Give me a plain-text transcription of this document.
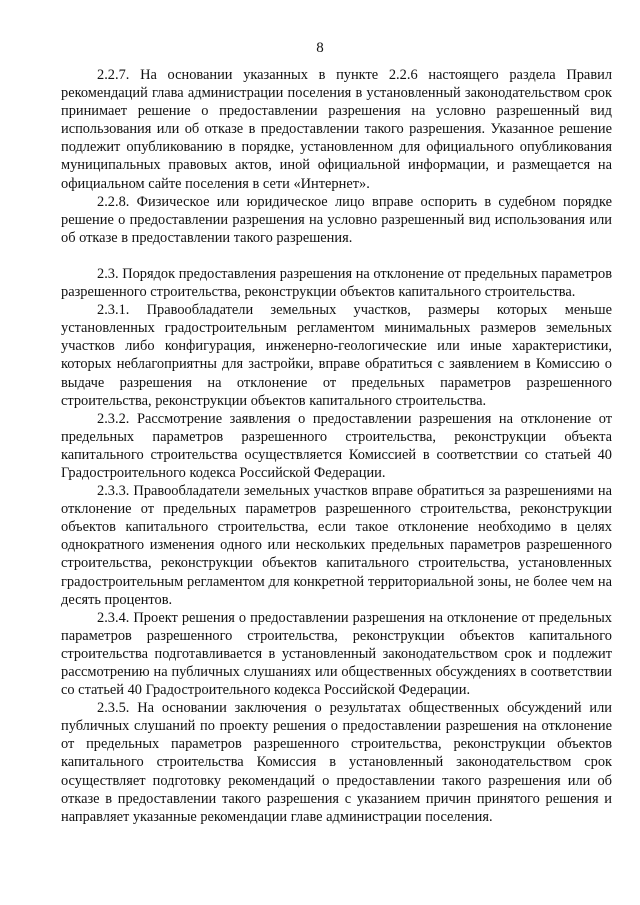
8

2.2.7. На основании указанных в пункте 2.2.6 настоящего раздела Правил рекомендаций глава администрации поселения в установленный законодательством срок принимает решение о предоставлении разрешения на условно разрешенный вид использования или об отказе в предоставлении такого разрешения. Указанное решение подлежит опубликованию в порядке, установленном для официального опубликования муниципальных правовых актов, иной официальной информации, и размещается на официальном сайте поселения в сети «Интернет».

2.2.8. Физическое или юридическое лицо вправе оспорить в судебном порядке решение о предоставлении разрешения на условно разрешенный вид использования или об отказе в предоставлении такого разрешения.

2.3. Порядок предоставления разрешения на отклонение от предельных параметров разрешенного строительства, реконструкции объектов капитального строительства.

2.3.1. Правообладатели земельных участков, размеры которых меньше установленных градостроительным регламентом минимальных размеров земельных участков либо конфигурация, инженерно-геологические или иные характеристики, которых неблагоприятны для застройки, вправе обратиться с заявлением в Комиссию о выдаче разрешения на отклонение от предельных параметров разрешенного строительства, реконструкции объектов капитального строительства.

2.3.2. Рассмотрение заявления о предоставлении разрешения на отклонение от предельных параметров разрешенного строительства, реконструкции объекта капитального строительства осуществляется Комиссией в соответствии со статьей 40 Градостроительного кодекса Российской Федерации.

2.3.3. Правообладатели земельных участков вправе обратиться за разрешениями на отклонение от предельных параметров разрешенного строительства, реконструкции объектов капитального строительства, если такое отклонение необходимо в целях однократного изменения одного или нескольких предельных параметров разрешенного строительства, реконструкции объектов капитального строительства, установленных градостроительным регламентом для конкретной территориальной зоны, не более чем на десять процентов.

2.3.4. Проект решения о предоставлении разрешения на отклонение от предельных параметров разрешенного строительства, реконструкции объектов капитального строительства подготавливается в установленный законодательством срок и подлежит рассмотрению на публичных слушаниях или общественных обсуждениях в соответствии со статьей 40 Градостроительного кодекса Российской Федерации.

2.3.5. На основании заключения о результатах общественных обсуждений или публичных слушаний по проекту решения о предоставлении разрешения на отклонение от предельных параметров разрешенного строительства, реконструкции объектов капитального строительства Комиссия в установленный законодательством срок осуществляет подготовку рекомендаций о предоставлении такого разрешения или об отказе в предоставлении такого разрешения с указанием причин принятого решения и направляет указанные рекомендации главе администрации поселения.
